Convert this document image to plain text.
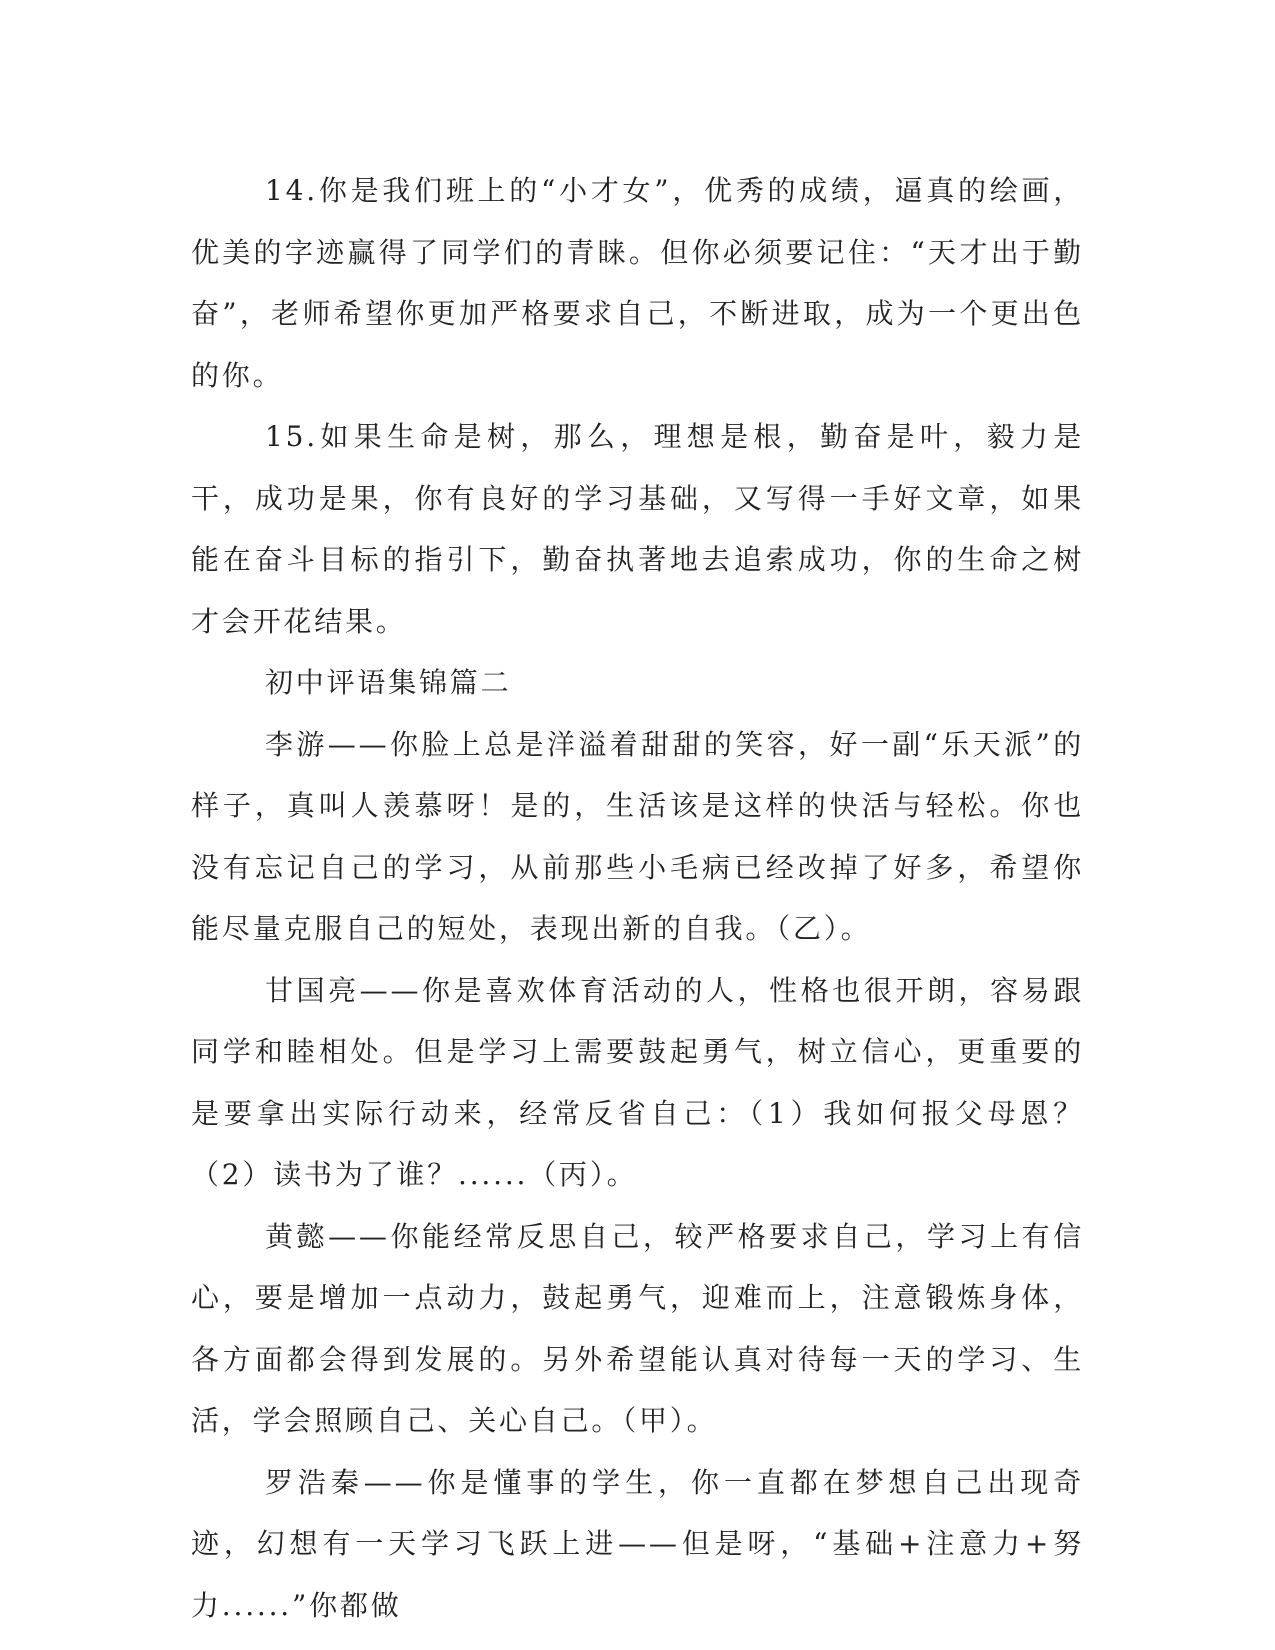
14.你是我们班上的“小才女”，优秀的成绩，逼真的绘画，优美的字迹赢得了同学们的青睐。但你必须要记住：“天才出于勤奋”，老师希望你更加严格要求自己，不断进取，成为一个更出色的你。

15.如果生命是树，那么，理想是根，勤奋是叶，毅力是干，成功是果，你有良好的学习基础，又写得一手好文章，如果能在奋斗目标的指引下，勤奋执著地去追索成功，你的生命之树才会开花结果。

初中评语集锦篇二

李游——你脸上总是洋溢着甜甜的笑容，好一副“乐天派”的样子，真叫人羡慕呀！是的，生活该是这样的快活与轻松。你也没有忘记自己的学习，从前那些小毛病已经改掉了好多，希望你能尽量克服自己的短处，表现出新的自我。（乙）。

甘国亮——你是喜欢体育活动的人，性格也很开朗，容易跟同学和睦相处。但是学习上需要鼓起勇气，树立信心，更重要的是要拿出实际行动来，经常反省自己：（1）我如何报父母恩？（2）读书为了谁？......（丙）。

黄懿——你能经常反思自己，较严格要求自己，学习上有信心，要是增加一点动力，鼓起勇气，迎难而上，注意锻炼身体，各方面都会得到发展的。另外希望能认真对待每一天的学习、生活，学会照顾自己、关心自己。（甲）。

罗浩秦——你是懂事的学生，你一直都在梦想自己出现奇迹，幻想有一天学习飞跃上进——但是呀，“基础+注意力+努力......”你都做
